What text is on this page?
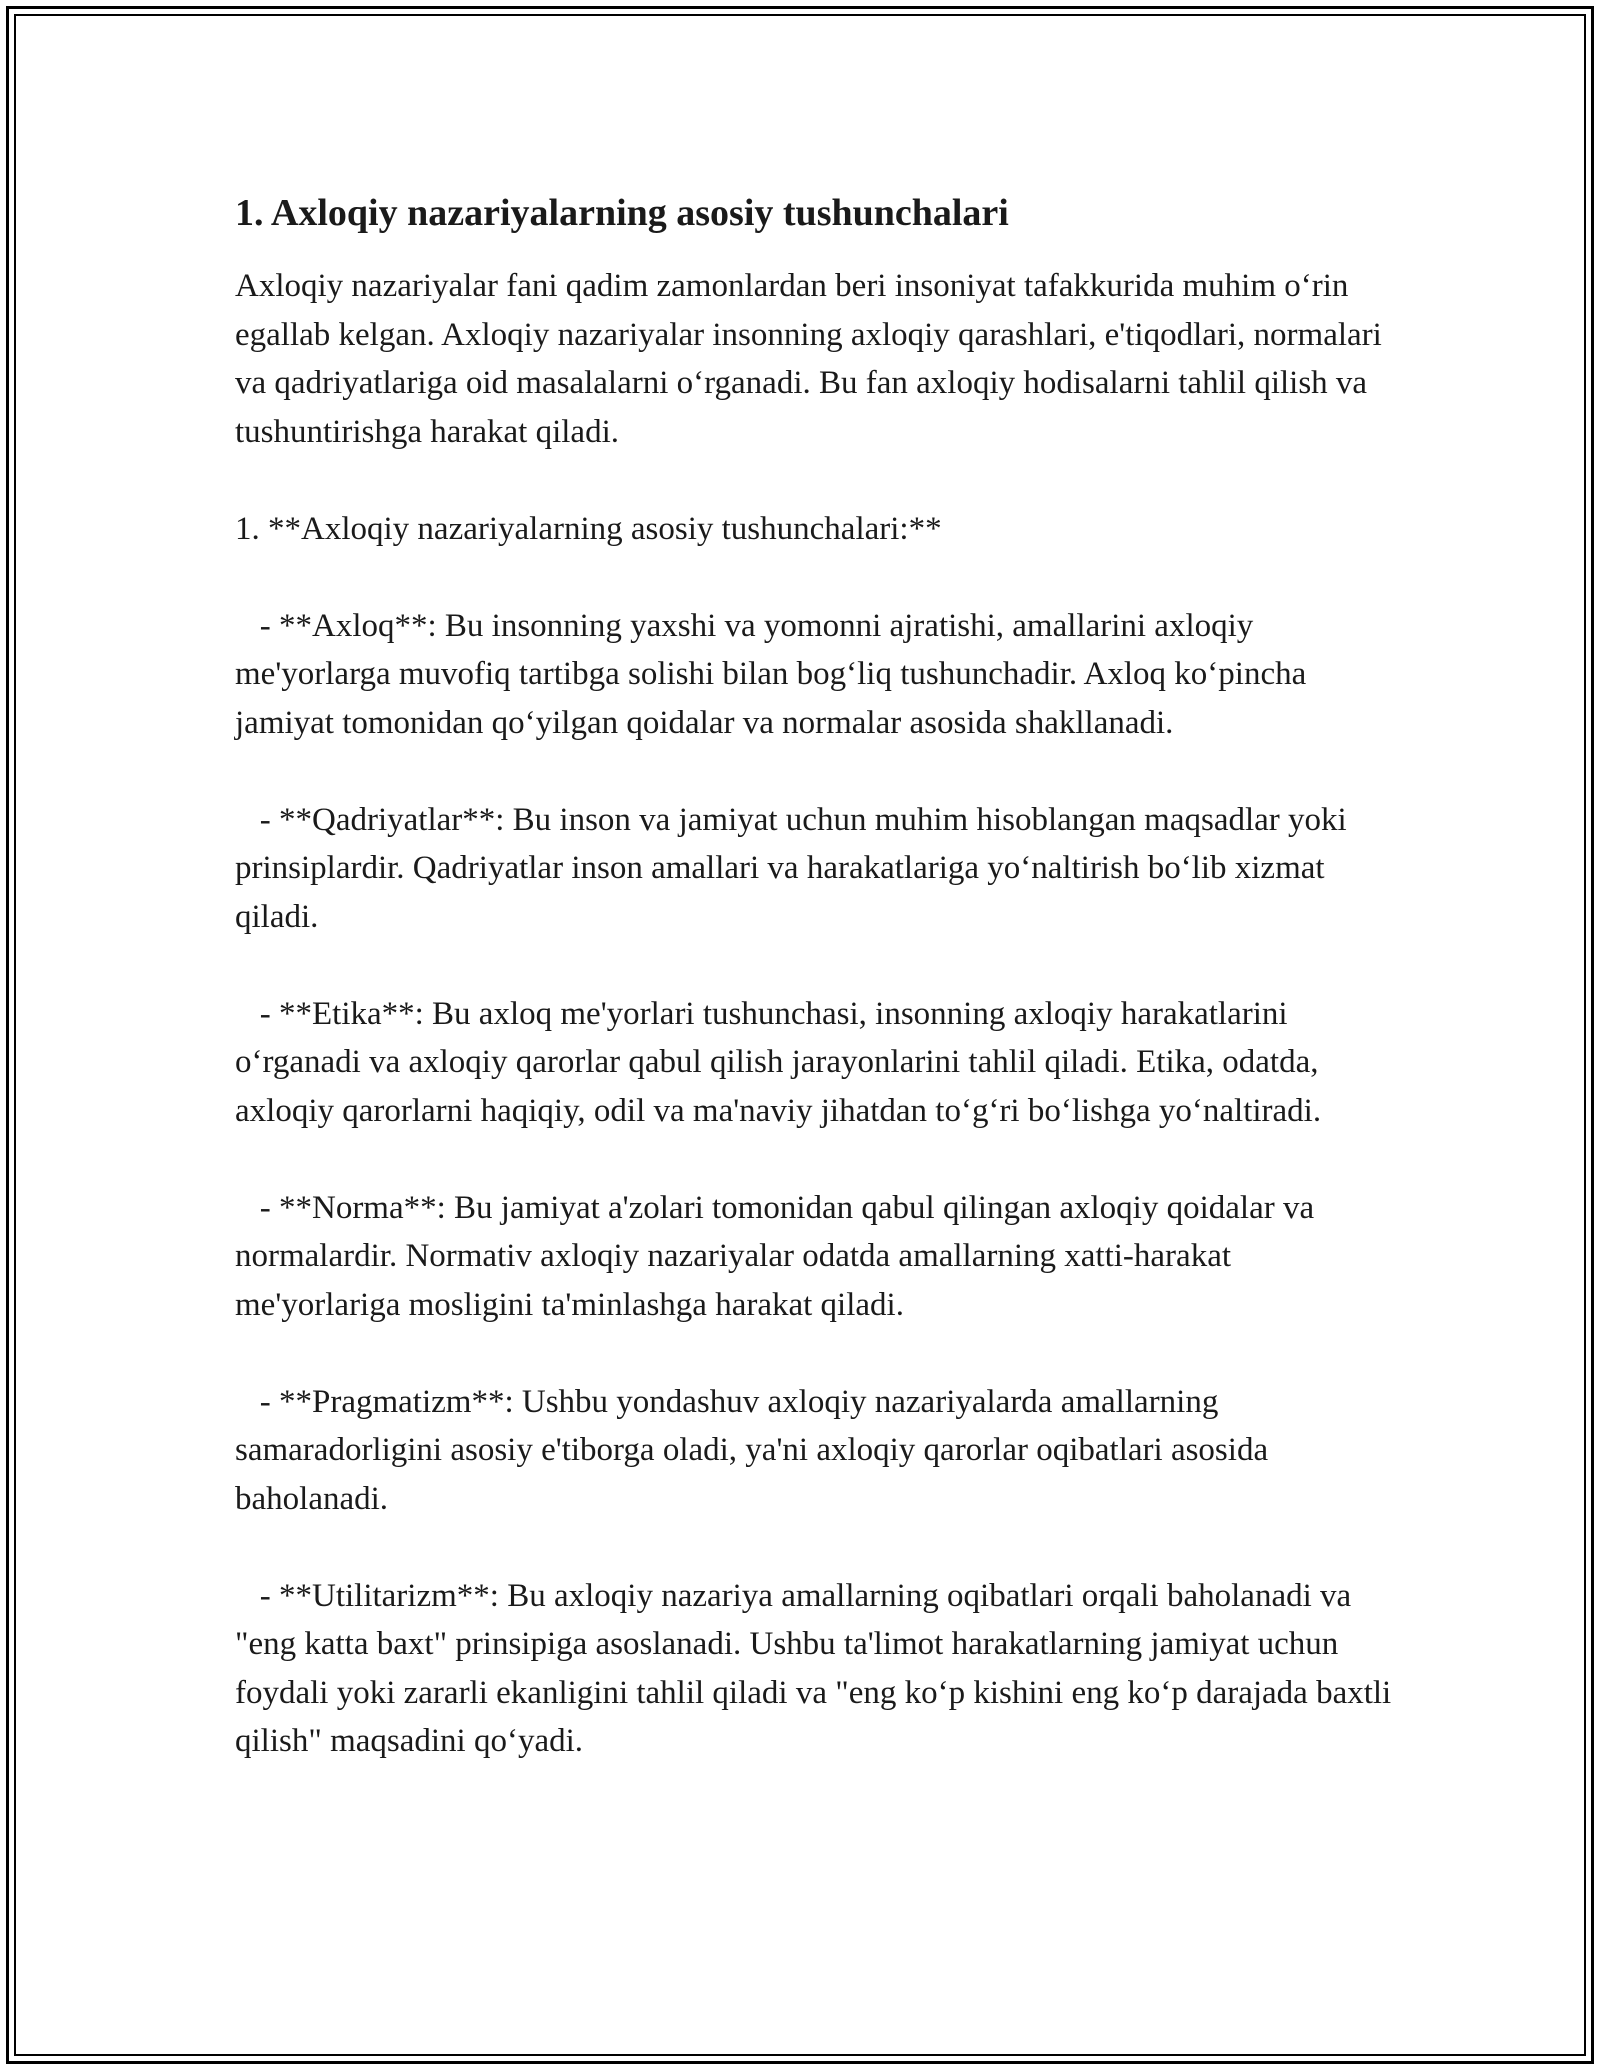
1. Axloqiy nazariyalarning asosiy tushunchalari

Axloqiy nazariyalar fani qadim zamonlardan beri insoniyat tafakkurida muhim o‘rin egallab kelgan. Axloqiy nazariyalar insonning axloqiy qarashlari, e'tiqodlari, normalari va qadriyatlariga oid masalalarni o‘rganadi. Bu fan axloqiy hodisalarni tahlil qilish va tushuntirishga harakat qiladi.

1. **Axloqiy nazariyalarning asosiy tushunchalari:**

- **Axloq**: Bu insonning yaxshi va yomonni ajratishi, amallarini axloqiy me'yorlarga muvofiq tartibga solishi bilan bog‘liq tushunchadir. Axloq ko‘pincha jamiyat tomonidan qo‘yilgan qoidalar va normalar asosida shakllanadi.

- **Qadriyatlar**: Bu inson va jamiyat uchun muhim hisoblangan maqsadlar yoki prinsiplardir. Qadriyatlar inson amallari va harakatlariga yo‘naltirish bo‘lib xizmat qiladi.

- **Etika**: Bu axloq me'yorlari tushunchasi, insonning axloqiy harakatlarini o‘rganadi va axloqiy qarorlar qabul qilish jarayonlarini tahlil qiladi. Etika, odatda, axloqiy qarorlarni haqiqiy, odil va ma'naviy jihatdan to‘g‘ri bo‘lishga yo‘naltiradi.

- **Norma**: Bu jamiyat a'zolari tomonidan qabul qilingan axloqiy qoidalar va normalardir. Normativ axloqiy nazariyalar odatda amallarning xatti-harakat me'yorlariga mosligini ta'minlashga harakat qiladi.

- **Pragmatizm**: Ushbu yondashuv axloqiy nazariyalarda amallarning samaradorligini asosiy e'tiborga oladi, ya'ni axloqiy qarorlar oqibatlari asosida baholanadi.

- **Utilitarizm**: Bu axloqiy nazariya amallarning oqibatlari orqali baholanadi va "eng katta baxt" prinsipiga asoslanadi. Ushbu ta'limot harakatlarning jamiyat uchun foydali yoki zararli ekanligini tahlil qiladi va "eng ko‘p kishini eng ko‘p darajada baxtli qilish" maqsadini qo‘yadi.
